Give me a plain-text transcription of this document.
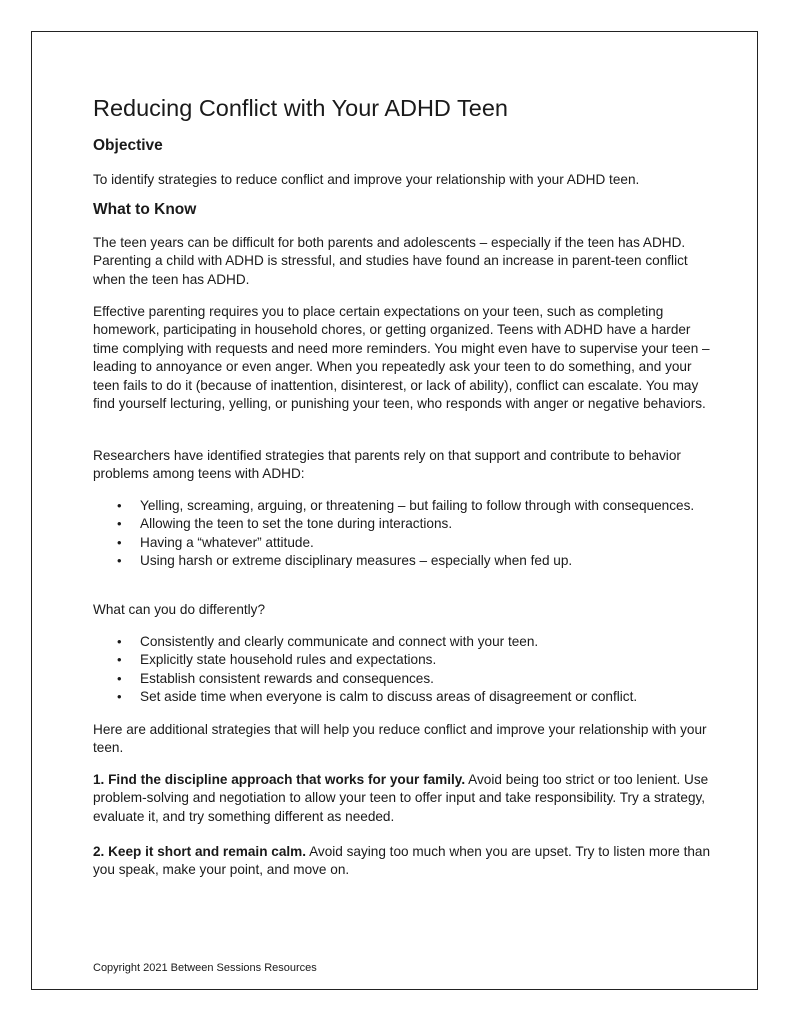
Reducing Conflict with Your ADHD Teen
Objective

To identify strategies to reduce conflict and improve your relationship with your ADHD teen.

What to Know

The teen years can be difficult for both parents and adolescents – especially if the teen has ADHD. Parenting a child with ADHD is stressful, and studies have found an increase in parent-teen conflict when the teen has ADHD.

Effective parenting requires you to place certain expectations on your teen, such as completing homework, participating in household chores, or getting organized. Teens with ADHD have a harder time complying with requests and need more reminders. You might even have to supervise your teen – leading to annoyance or even anger. When you repeatedly ask your teen to do something, and your teen fails to do it (because of inattention, disinterest, or lack of ability), conflict can escalate. You may find yourself lecturing, yelling, or punishing your teen, who responds with anger or negative behaviors.

Researchers have identified strategies that parents rely on that support and contribute to behavior problems among teens with ADHD:

• Yelling, screaming, arguing, or threatening – but failing to follow through with consequences.
• Allowing the teen to set the tone during interactions.
• Having a “whatever” attitude.
• Using harsh or extreme disciplinary measures – especially when fed up.

What can you do differently?

• Consistently and clearly communicate and connect with your teen.
• Explicitly state household rules and expectations.
• Establish consistent rewards and consequences.
• Set aside time when everyone is calm to discuss areas of disagreement or conflict.

Here are additional strategies that will help you reduce conflict and improve your relationship with your teen.

1. Find the discipline approach that works for your family. Avoid being too strict or too lenient. Use problem-solving and negotiation to allow your teen to offer input and take responsibility. Try a strategy, evaluate it, and try something different as needed.

2. Keep it short and remain calm. Avoid saying too much when you are upset. Try to listen more than you speak, make your point, and move on.

Copyright 2021 Between Sessions Resources
